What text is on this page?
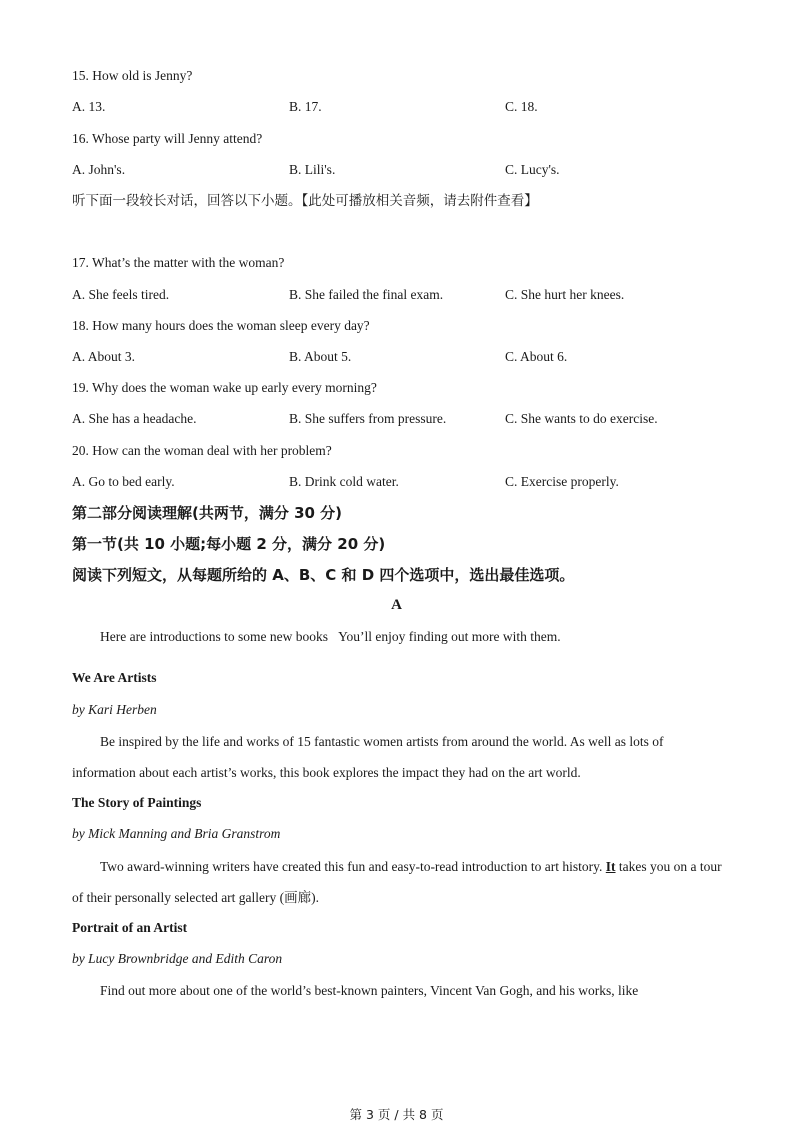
15. How old is Jenny?
A. 13.	B. 17.	C. 18.
16. Whose party will Jenny attend?
A. John's.	B. Lili's.	C. Lucy's.
听下面一段较长对话，回答以下小题。【此处可播放相关音频，请去附件查看】
17. What’s the matter with the woman?
A. She feels tired.	B. She failed the final exam.	C. She hurt her knees.
18. How many hours does the woman sleep every day?
A. About 3.	B. About 5.	C. About 6.
19. Why does the woman wake up early every morning?
A. She has a headache.	B. She suffers from pressure.	C. She wants to do exercise.
20. How can the woman deal with her problem?
A. Go to bed early.	B. Drink cold water.	C. Exercise properly.
第二部分阅读理解(共两节，满分 30 分)
第一节(共 10 小题;每小题 2 分，满分 20 分)
阅读下列短文，从每题所给的 A、B、C 和 D 四个选项中，选出最佳选项。
A
Here are introductions to some new books You’ll enjoy finding out more with them.
We Are Artists
by Kari Herben
Be inspired by the life and works of 15 fantastic women artists from around the world. As well as lots of information about each artist’s works, this book explores the impact they had on the art world.
The Story of Paintings
by Mick Manning and Bria Granstrom
Two award-winning writers have created this fun and easy-to-read introduction to art history. It takes you on a tour of their personally selected art gallery (画廊).
Portrait of an Artist
by Lucy Brownbridge and Edith Caron
Find out more about one of the world’s best-known painters, Vincent Van Gogh, and his works, like
第 3 页 / 共 8 页
